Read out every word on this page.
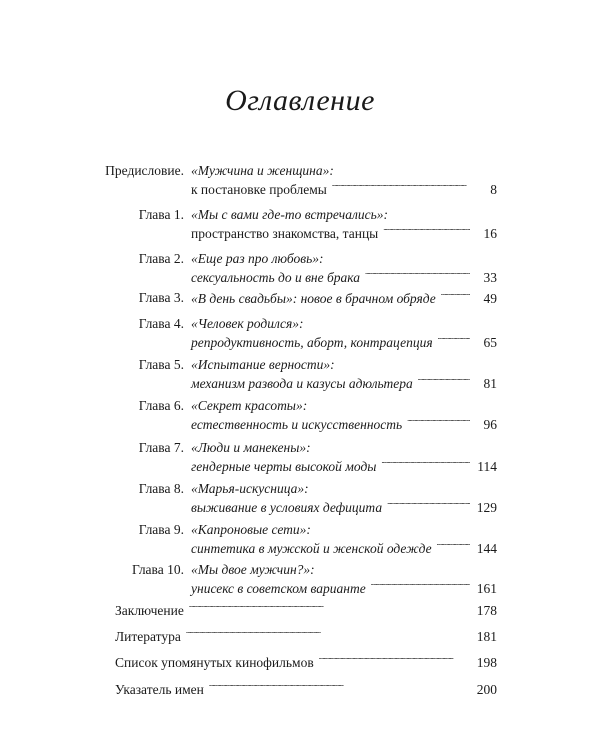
Оглавление
Предисловие. «Мужчина и женщина»:
к постановке проблемы . . .	8
Глава 1. «Мы с вами где-то встречались»:
пространство знакомства, танцы . . .	16
Глава 2. «Еще раз про любовь»:
сексуальность до и вне брака . . .	33
Глава 3. «В день свадьбы»: новое в брачном обряде . . .	49
Глава 4. «Человек родился»:
репродуктивность, аборт, контрацепция . . .	65
Глава 5. «Испытание верности»:
механизм развода и казусы адюльтера . . .	81
Глава 6. «Секрет красоты»:
естественность и искусственность . . .	96
Глава 7. «Люди и манекены»:
гендерные черты высокой моды . . .	114
Глава 8. «Марья-искусница»:
выживание в условиях дефицита . . .	129
Глава 9. «Капроновые сети»:
синтетика в мужской и женской одежде . . .	144
Глава 10. «Мы двое мужчин?»:
унисекс в советском варианте . . .	161
Заключение . . .	178
Литература . . .	181
Список упомянутых кинофильмов . . .	198
Указатель имен . . .	200
